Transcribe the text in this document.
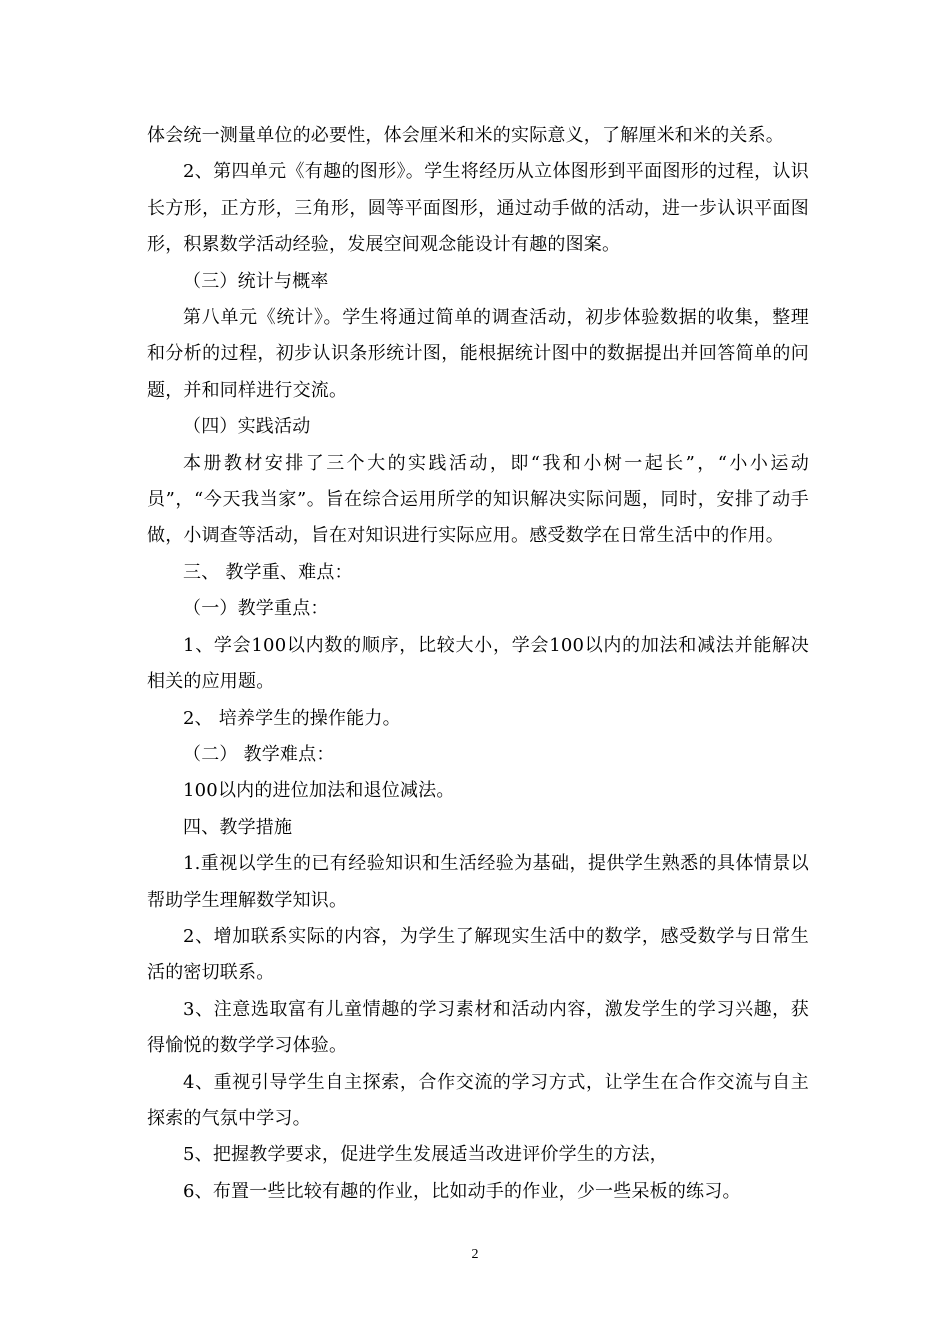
体会统一测量单位的必要性，体会厘米和米的实际意义，了解厘米和米的关系。

2、第四单元《有趣的图形》。学生将经历从立体图形到平面图形的过程，认识长方形，正方形，三角形，圆等平面图形，通过动手做的活动，进一步认识平面图形，积累数学活动经验，发展空间观念能设计有趣的图案。

（三）统计与概率

第八单元《统计》。学生将通过简单的调查活动，初步体验数据的收集，整理和分析的过程，初步认识条形统计图，能根据统计图中的数据提出并回答简单的问题，并和同样进行交流。

（四）实践活动

本册教材安排了三个大的实践活动，即“我和小树一起长”，“小小运动员”，“今天我当家”。旨在综合运用所学的知识解决实际问题，同时，安排了动手做，小调查等活动，旨在对知识进行实际应用。感受数学在日常生活中的作用。

三、 教学重、难点：

（一）教学重点：

1、学会100以内数的顺序，比较大小，学会100以内的加法和减法并能解决相关的应用题。

2、 培养学生的操作能力。

（二） 教学难点：

100以内的进位加法和退位减法。

四、教学措施

1.重视以学生的已有经验知识和生活经验为基础，提供学生熟悉的具体情景以帮助学生理解数学知识。

2、增加联系实际的内容，为学生了解现实生活中的数学，感受数学与日常生活的密切联系。

3、注意选取富有儿童情趣的学习素材和活动内容，激发学生的学习兴趣，获得愉悦的数学学习体验。

4、重视引导学生自主探索，合作交流的学习方式，让学生在合作交流与自主探索的气氛中学习。

5、把握教学要求，促进学生发展适当改进评价学生的方法，

6、布置一些比较有趣的作业，比如动手的作业，少一些呆板的练习。

2
